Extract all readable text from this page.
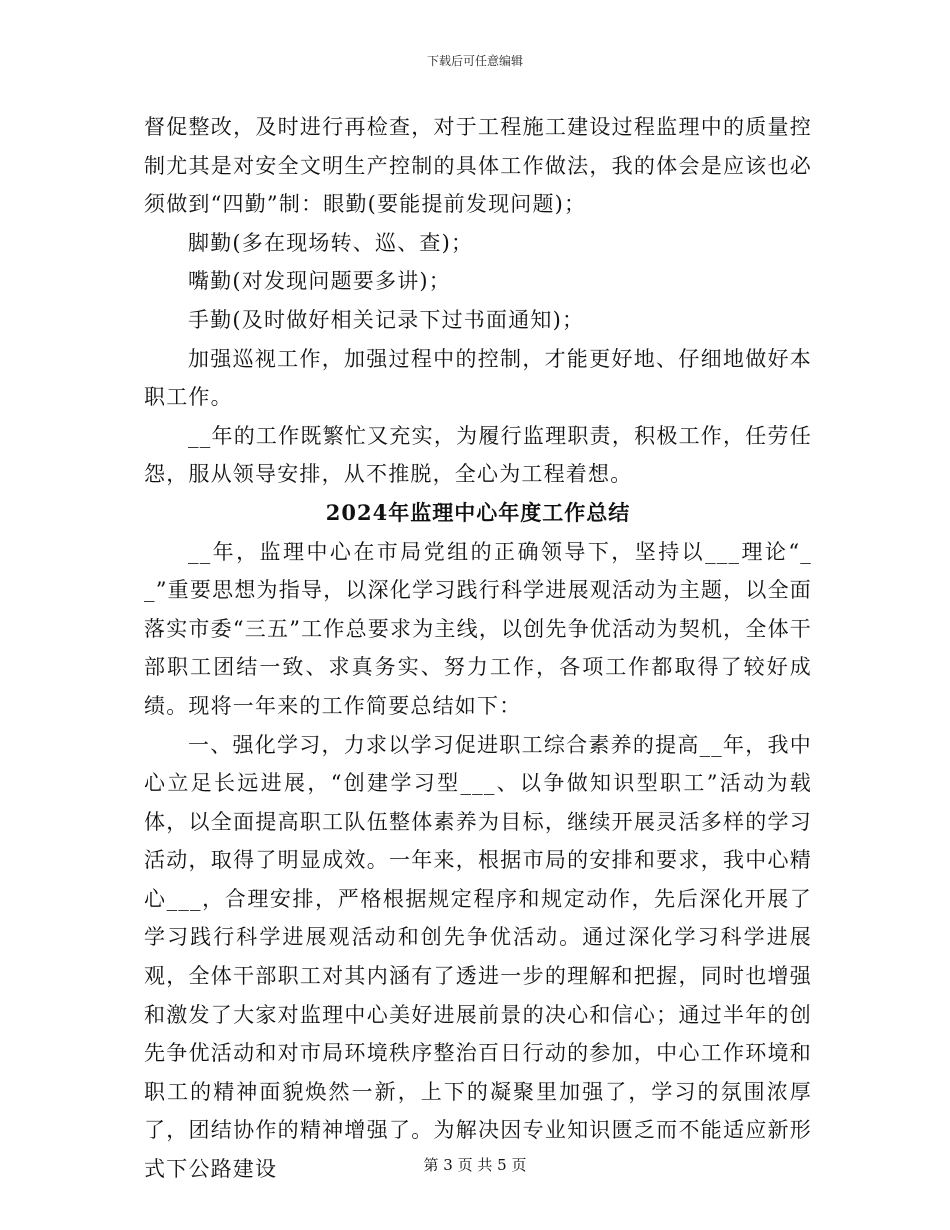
下载后可任意编辑

督促整改，及时进行再检查，对于工程施工建设过程监理中的质量控制尤其是对安全文明生产控制的具体工作做法，我的体会是应该也必须做到“四勤”制：眼勤(要能提前发现问题)；

脚勤(多在现场转、巡、查)；

嘴勤(对发现问题要多讲)；

手勤(及时做好相关记录下过书面通知)；

加强巡视工作，加强过程中的控制，才能更好地、仔细地做好本职工作。

__年的工作既繁忙又充实，为履行监理职责，积极工作，任劳任怨，服从领导安排，从不推脱，全心为工程着想。

2024年监理中心年度工作总结

__年，监理中心在市局党组的正确领导下，坚持以___理论“__”重要思想为指导，以深化学习践行科学进展观活动为主题，以全面落实市委“三五”工作总要求为主线，以创先争优活动为契机，全体干部职工团结一致、求真务实、努力工作，各项工作都取得了较好成绩。现将一年来的工作简要总结如下：

一、强化学习，力求以学习促进职工综合素养的提高__年，我中心立足长远进展，“创建学习型___、以争做知识型职工”活动为载体，以全面提高职工队伍整体素养为目标，继续开展灵活多样的学习活动，取得了明显成效。一年来，根据市局的安排和要求，我中心精心___，合理安排，严格根据规定程序和规定动作，先后深化开展了学习践行科学进展观活动和创先争优活动。通过深化学习科学进展观，全体干部职工对其内涵有了透进一步的理解和把握，同时也增强和激发了大家对监理中心美好进展前景的决心和信心；通过半年的创先争优活动和对市局环境秩序整治百日行动的参加，中心工作环境和职工的精神面貌焕然一新，上下的凝聚里加强了，学习的氛围浓厚了，团结协作的精神增强了。为解决因专业知识匮乏而不能适应新形式下公路建设	第 3 页 共 5 页
